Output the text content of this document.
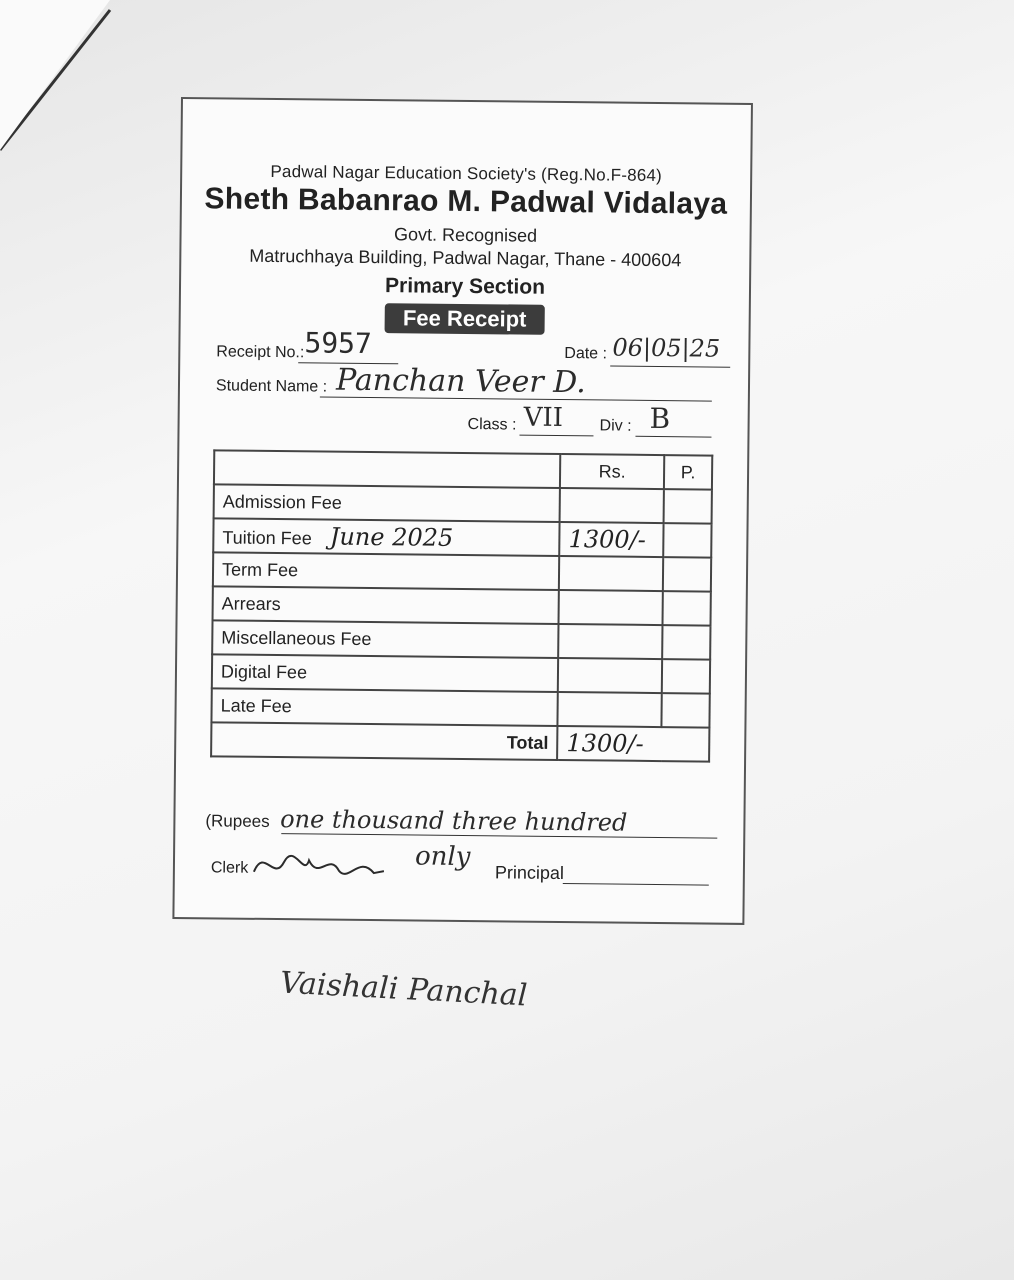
Padwal Nagar Education Society's (Reg.No.F-864)
Sheth Babanrao M. Padwal Vidalaya
Govt. Recognised
Matruchhaya Building, Padwal Nagar, Thane - 400604
Primary Section
Fee Receipt
Receipt No.: 5957	Date : 06|05|25
Student Name : Panchan Veer D.
Class : VII Div : B
	Rs.	P.
Admission Fee		
Tuition Fee June 2025	1300/-	
Term Fee		
Arrears		
Miscellaneous Fee		
Digital Fee		
Late Fee		
Total	1300/-	
(Rupees one thousand three hundred
Clerk	only
Principal
Vaishali Panchal
